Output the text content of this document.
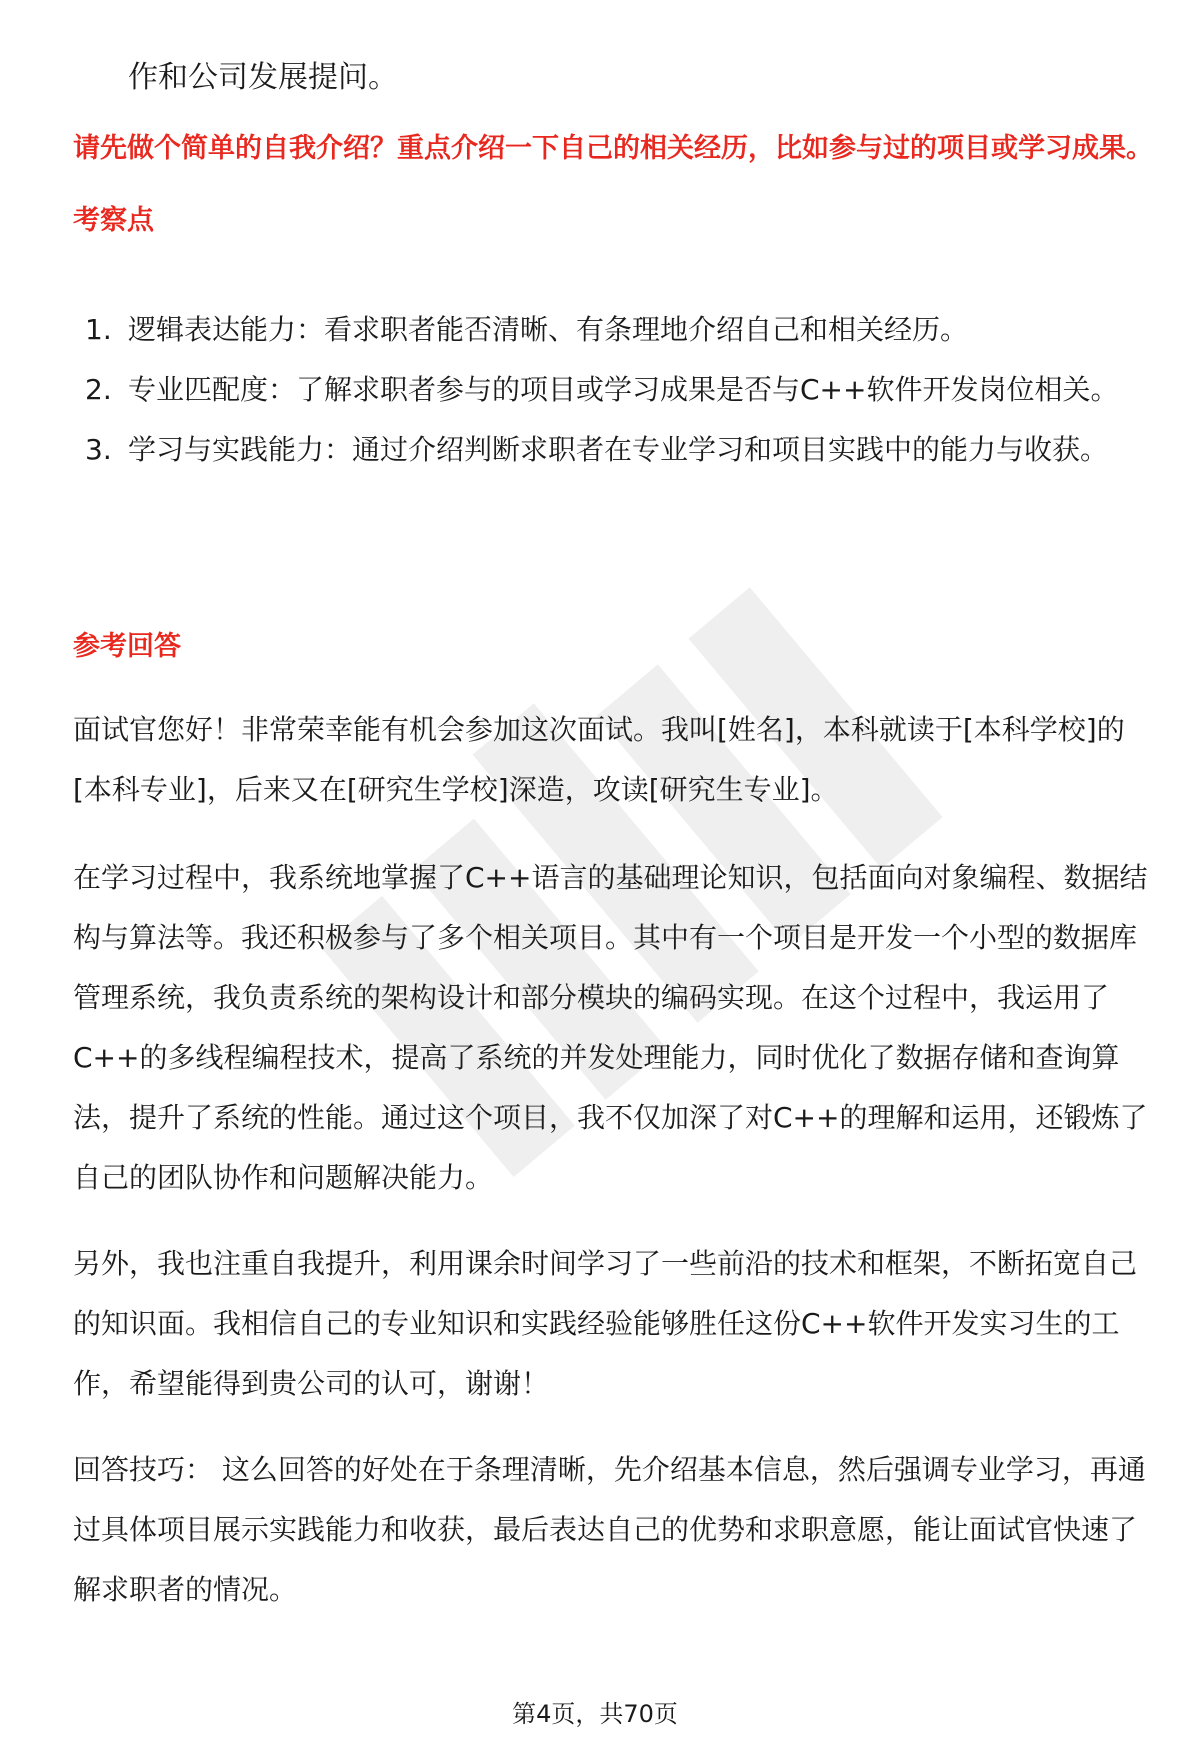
作和公司发展提问。

请先做个简单的自我介绍？重点介绍一下自己的相关经历，比如参与过的项目或学习成果。

考察点

1. 逻辑表达能力：看求职者能否清晰、有条理地介绍自己和相关经历。
2. 专业匹配度：了解求职者参与的项目或学习成果是否与C++软件开发岗位相关。
3. 学习与实践能力：通过介绍判断求职者在专业学习和项目实践中的能力与收获。

参考回答

面试官您好！非常荣幸能有机会参加这次面试。我叫[姓名]，本科就读于[本科学校]的[本科专业]，后来又在[研究生学校]深造，攻读[研究生专业]。

在学习过程中，我系统地掌握了C++语言的基础理论知识，包括面向对象编程、数据结构与算法等。我还积极参与了多个相关项目。其中有一个项目是开发一个小型的数据库管理系统，我负责系统的架构设计和部分模块的编码实现。在这个过程中，我运用了C++的多线程编程技术，提高了系统的并发处理能力，同时优化了数据存储和查询算法，提升了系统的性能。通过这个项目，我不仅加深了对C++的理解和运用，还锻炼了自己的团队协作和问题解决能力。

另外，我也注重自我提升，利用课余时间学习了一些前沿的技术和框架，不断拓宽自己的知识面。我相信自己的专业知识和实践经验能够胜任这份C++软件开发实习生的工作，希望能得到贵公司的认可，谢谢！

回答技巧： 这么回答的好处在于条理清晰，先介绍基本信息，然后强调专业学习，再通过具体项目展示实践能力和收获，最后表达自己的优势和求职意愿，能让面试官快速了解求职者的情况。

第4页，共70页
